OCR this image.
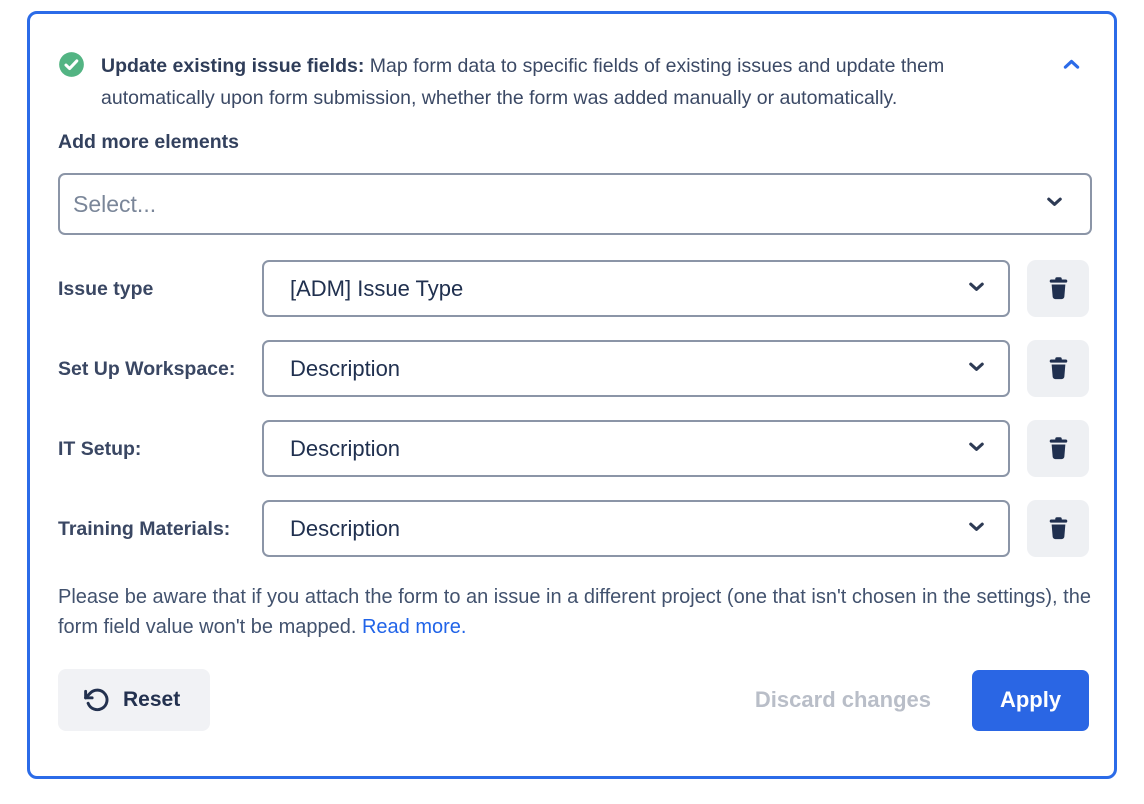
Update existing issue fields: Map form data to specific fields of existing issues and update them automatically upon form submission, whether the form was added manually or automatically.
Add more elements
Select...
Issue type	[ADM] Issue Type
Set Up Workspace:	Description
IT Setup:	Description
Training Materials:	Description
Please be aware that if you attach the form to an issue in a different project (one that isn't chosen in the settings), the form field value won't be mapped. Read more.
Reset	Discard changes	Apply
